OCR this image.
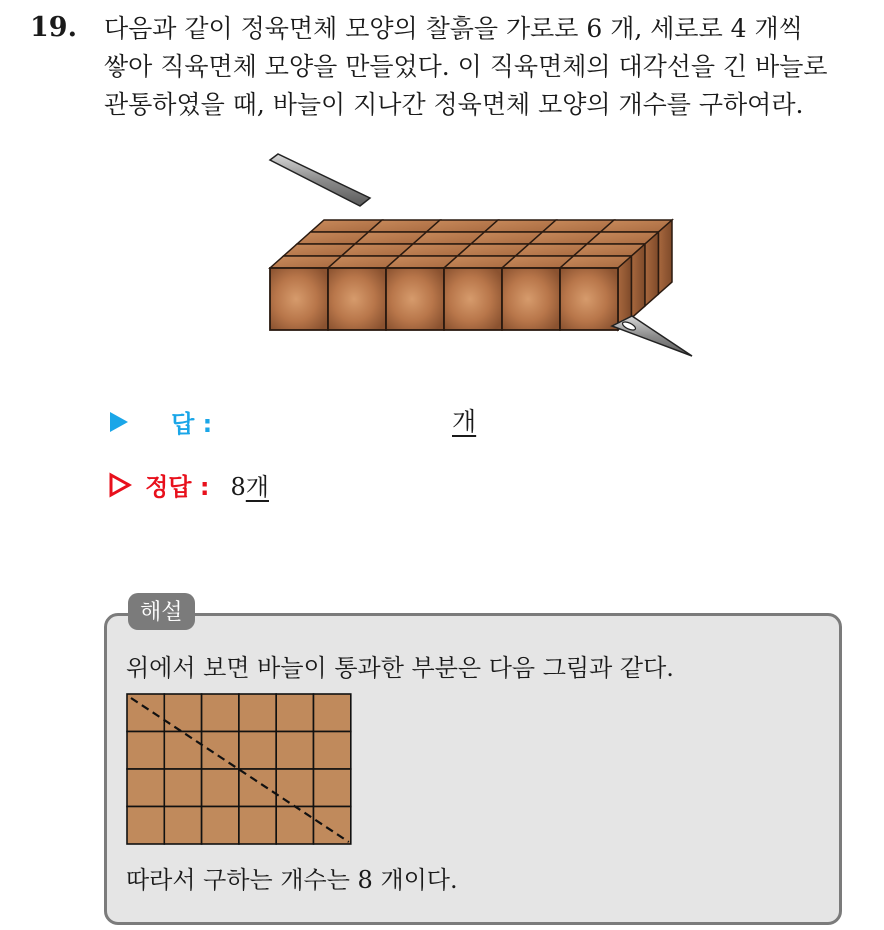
19. 다음과 같이 정육면체 모양의 찰흙을 가로로 6 개, 세로로 4 개씩
쌓아 직육면체 모양을 만들었다. 이 직육면체의 대각선을 긴 바늘로
관통하였을 때, 바늘이 지나간 정육면체 모양의 개수를 구하여라.
답 :	개
정답 : 8개
해설
위에서 보면 바늘이 통과한 부분은 다음 그림과 같다.
따라서 구하는 개수는 8 개이다.
